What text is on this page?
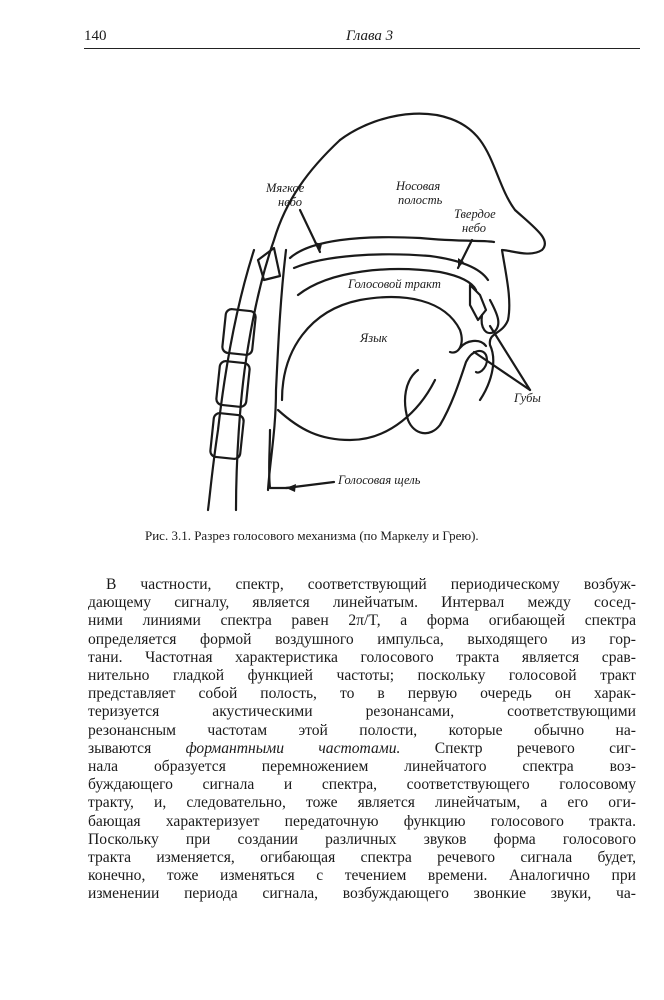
140	Глава 3
Мягкое
небо
Носовая
полость
Твердое
небо
Голосовой тракт
Язык
Губы
Голосовая щель
Рис. 3.1. Разрез голосового механизма (по Маркелу и Грею).
В частности, спектр, соответствующий периодическому возбуж-
дающему сигналу, является линейчатым. Интервал между сосед-
ними линиями спектра равен 2π/T, а форма огибающей спектра
определяется формой воздушного импульса, выходящего из гор-
тани. Частотная характеристика голосового тракта является срав-
нительно гладкой функцией частоты; поскольку голосовой тракт
представляет собой полость, то в первую очередь он харак-
теризуется акустическими резонансами, соответствующими
резонансным частотам этой полости, которые обычно на-
зываются формантными частотами. Спектр речевого сиг-
нала образуется перемножением линейчатого спектра воз-
буждающего сигнала и спектра, соответствующего голосовому
тракту, и, следовательно, тоже является линейчатым, а его оги-
бающая характеризует передаточную функцию голосового тракта.
Поскольку при создании различных звуков форма голосового
тракта изменяется, огибающая спектра речевого сигнала будет,
конечно, тоже изменяться с течением времени. Аналогично при
изменении периода сигнала, возбуждающего звонкие звуки, ча-
